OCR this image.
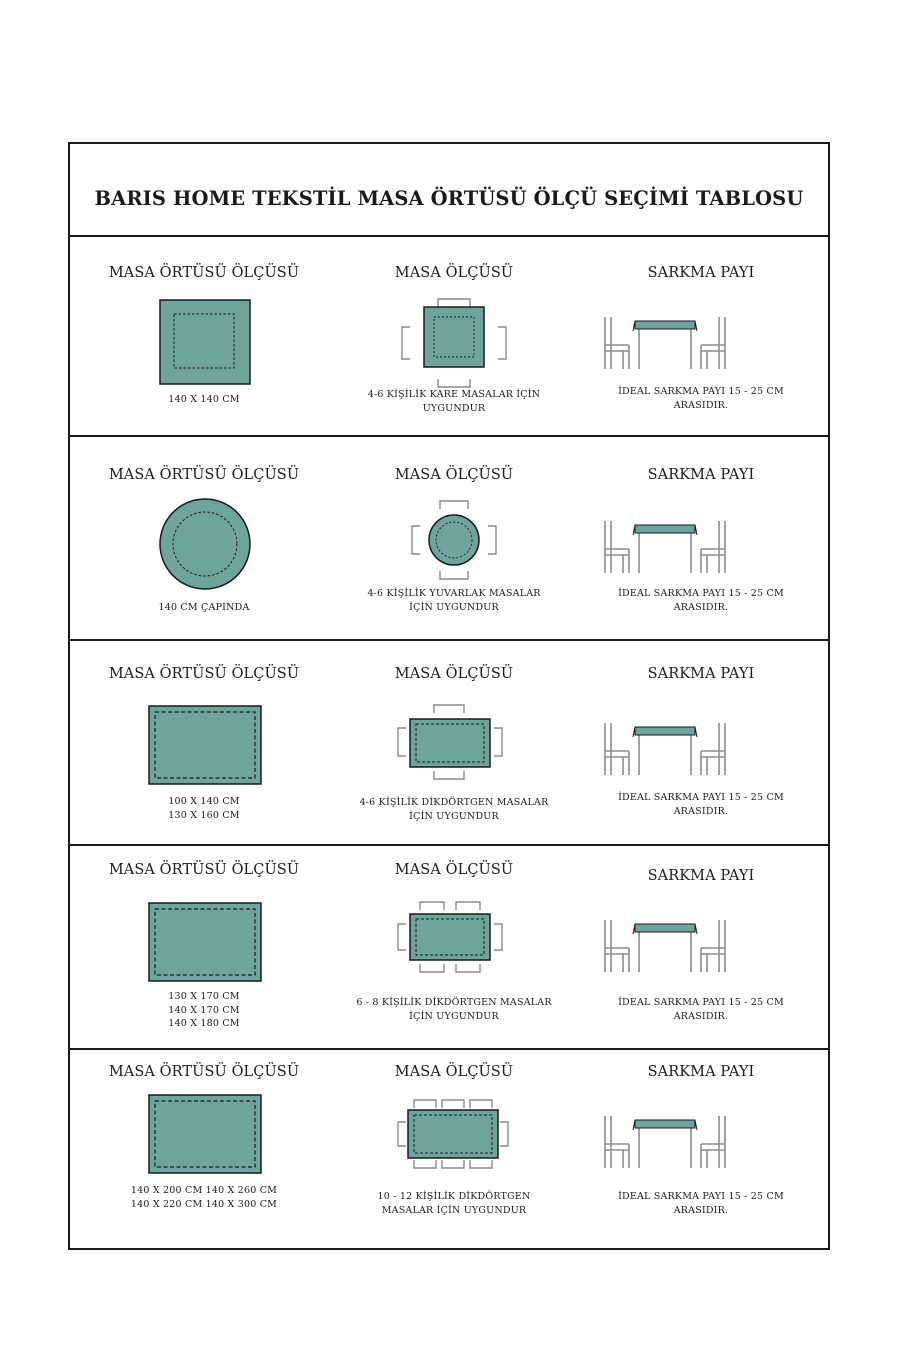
BARIS HOME TEKSTİL MASA ÖRTÜSÜ ÖLÇÜ SEÇİMİ TABLOSU
MASA ÖRTÜSÜ ÖLÇÜSÜ
140 X 140 CM
MASA ÖLÇÜSÜ
4-6 KİŞİLİK KARE MASALAR İÇİN
UYGUNDUR
SARKMA PAYI
İDEAL SARKMA PAYI 15 - 25 CM
ARASIDIR.
MASA ÖRTÜSÜ ÖLÇÜSÜ
140 CM ÇAPINDA
MASA ÖLÇÜSÜ
4-6 KİŞİLİK YUVARLAK MASALAR
İÇİN UYGUNDUR
SARKMA PAYI
İDEAL SARKMA PAYI 15 - 25 CM
ARASIDIR.
MASA ÖRTÜSÜ ÖLÇÜSÜ
100 X 140 CM
130 X 160 CM
MASA ÖLÇÜSÜ
4-6 KİŞİLİK DİKDÖRTGEN MASALAR
İÇİN UYGUNDUR
SARKMA PAYI
İDEAL SARKMA PAYI 15 - 25 CM
ARASIDIR.
MASA ÖRTÜSÜ ÖLÇÜSÜ
130 X 170 CM
140 X 170 CM
140 X 180 CM
MASA ÖLÇÜSÜ
6 - 8 KİŞİLİK DİKDÖRTGEN MASALAR
İÇİN UYGUNDUR
SARKMA PAYI
İDEAL SARKMA PAYI 15 - 25 CM
ARASIDIR.
MASA ÖRTÜSÜ ÖLÇÜSÜ
140 X 200 CM 140 X 260 CM
140 X 220 CM 140 X 300 CM
MASA ÖLÇÜSÜ
10 - 12 KİŞİLİK DİKDÖRTGEN
MASALAR İÇİN UYGUNDUR
SARKMA PAYI
İDEAL SARKMA PAYI 15 - 25 CM
ARASIDIR.
